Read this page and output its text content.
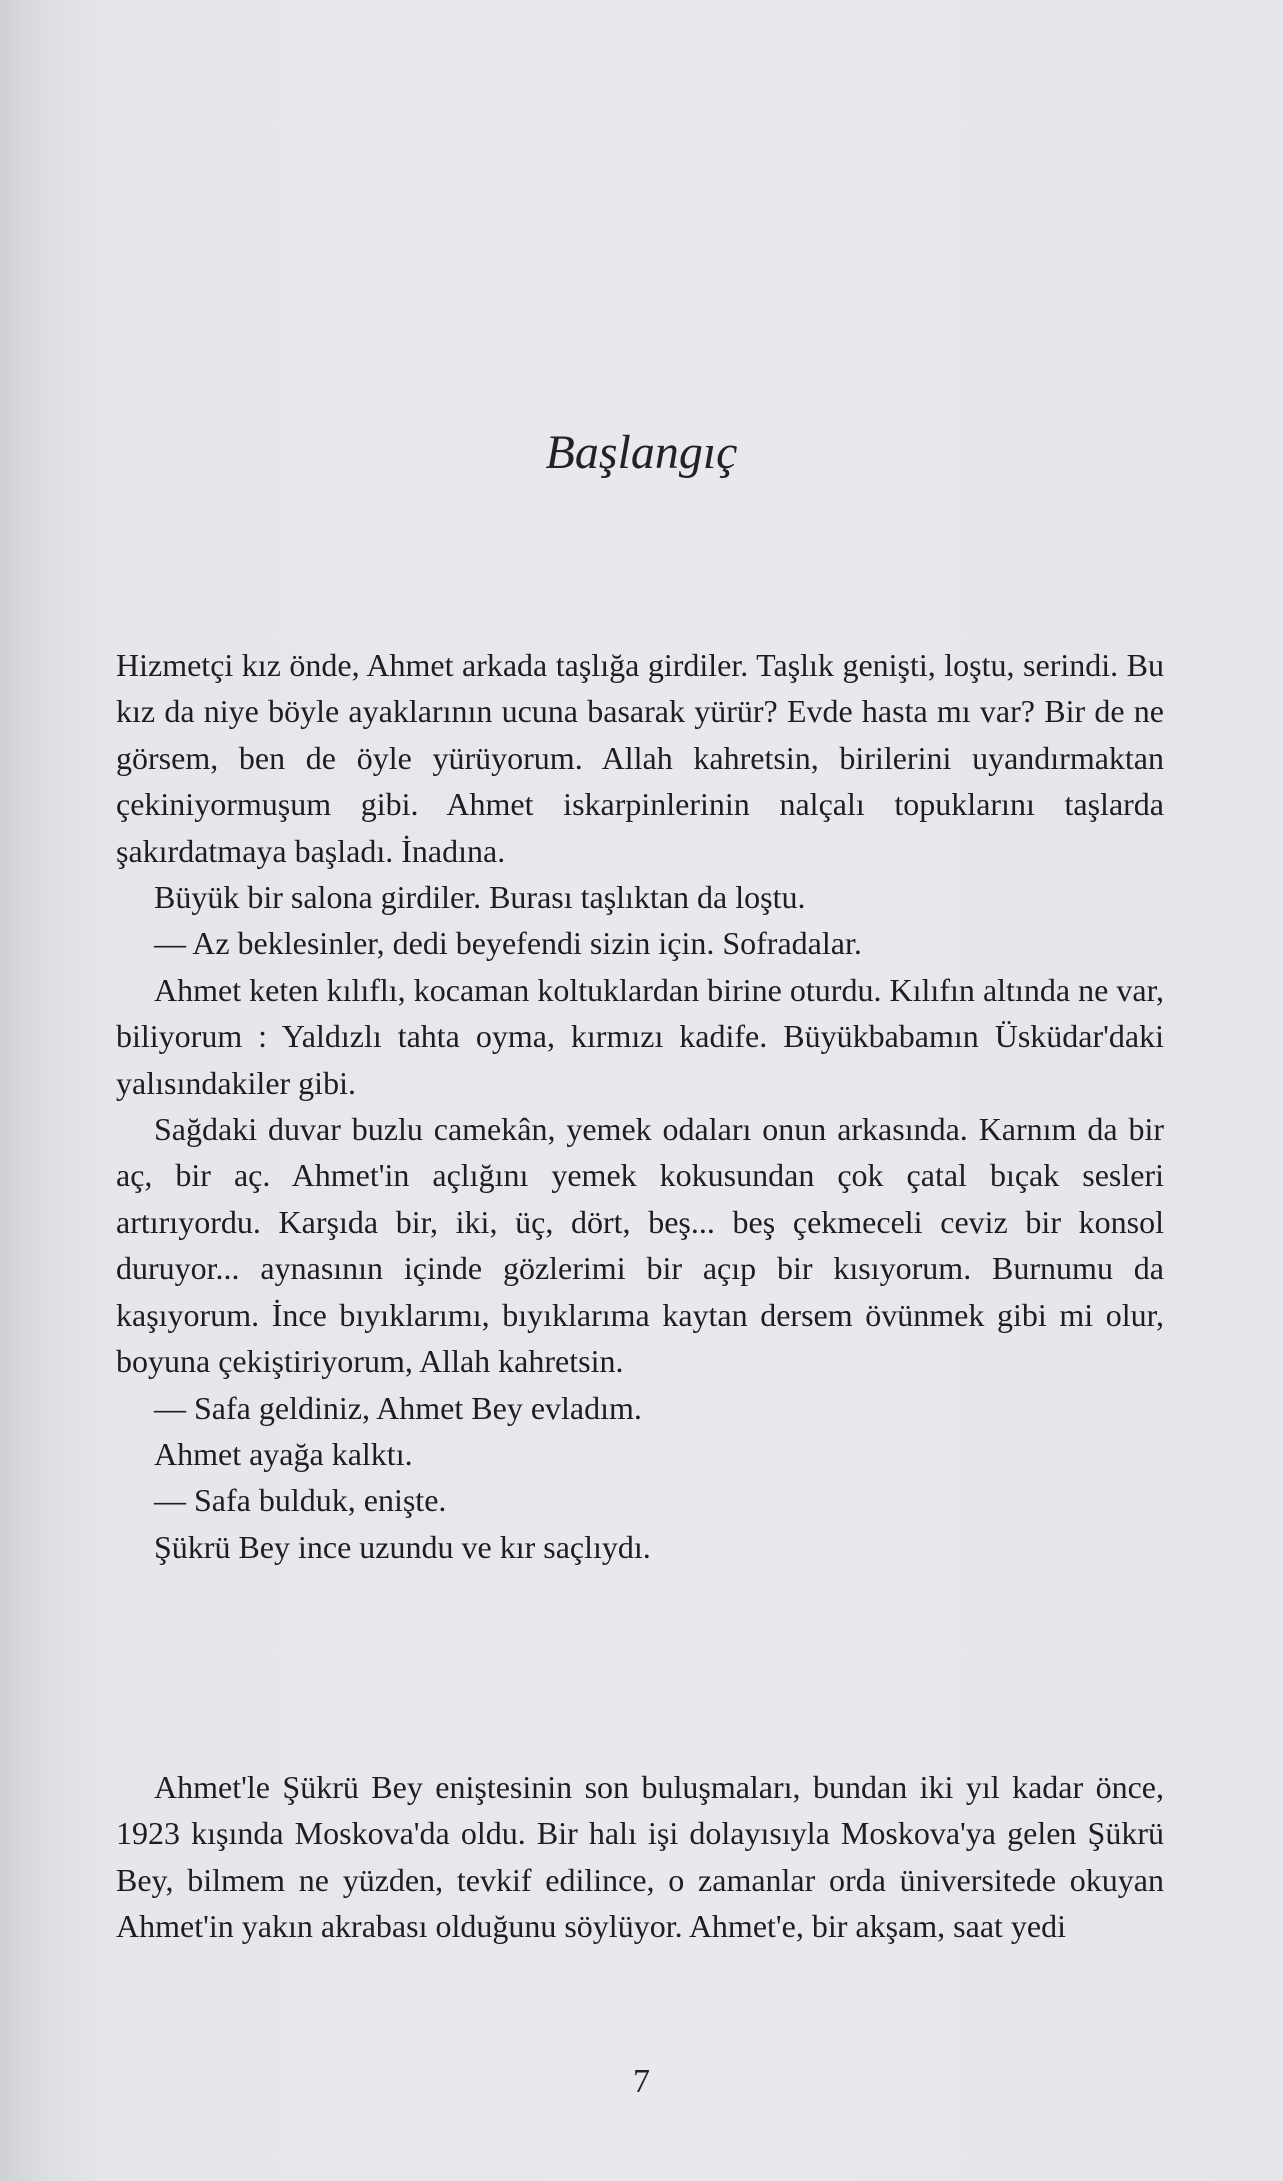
Başlangıç

Hizmetçi kız önde, Ahmet arkada taşlığa girdiler. Taşlık genişti, loştu, serindi. Bu kız da niye böyle ayaklarının ucuna basarak yürür? Evde hasta mı var? Bir de ne görsem, ben de öyle yürüyorum. Allah kahretsin, birilerini uyandırmaktan çekiniyormuşum gibi. Ahmet iskarpinlerinin nalçalı topuklarını taşlarda şakırdatmaya başladı. İnadına.

Büyük bir salona girdiler. Burası taşlıktan da loştu.

— Az beklesinler, dedi beyefendi sizin için. Sofradalar.

Ahmet keten kılıflı, kocaman koltuklardan birine oturdu. Kılıfın altında ne var, biliyorum : Yaldızlı tahta oyma, kırmızı kadife. Büyükbabamın Üsküdar'daki yalısındakiler gibi.

Sağdaki duvar buzlu camekân, yemek odaları onun arkasında. Karnım da bir aç, bir aç. Ahmet'in açlığını yemek kokusundan çok çatal bıçak sesleri artırıyordu. Karşıda bir, iki, üç, dört, beş... beş çekmeceli ceviz bir konsol duruyor... aynasının içinde gözlerimi bir açıp bir kısıyorum. Burnumu da kaşıyorum. İnce bıyıklarımı, bıyıklarıma kaytan dersem övünmek gibi mi olur, boyuna çekiştiriyorum, Allah kahretsin.

— Safa geldiniz, Ahmet Bey evladım.

Ahmet ayağa kalktı.

— Safa bulduk, enişte.

Şükrü Bey ince uzundu ve kır saçlıydı.

Ahmet'le Şükrü Bey eniştesinin son buluşmaları, bundan iki yıl kadar önce, 1923 kışında Moskova'da oldu. Bir halı işi dolayısıyla Moskova'ya gelen Şükrü Bey, bilmem ne yüzden, tevkif edilince, o zamanlar orda üniversitede okuyan Ahmet'in yakın akrabası olduğunu söylüyor. Ahmet'e, bir akşam, saat yedi

7
